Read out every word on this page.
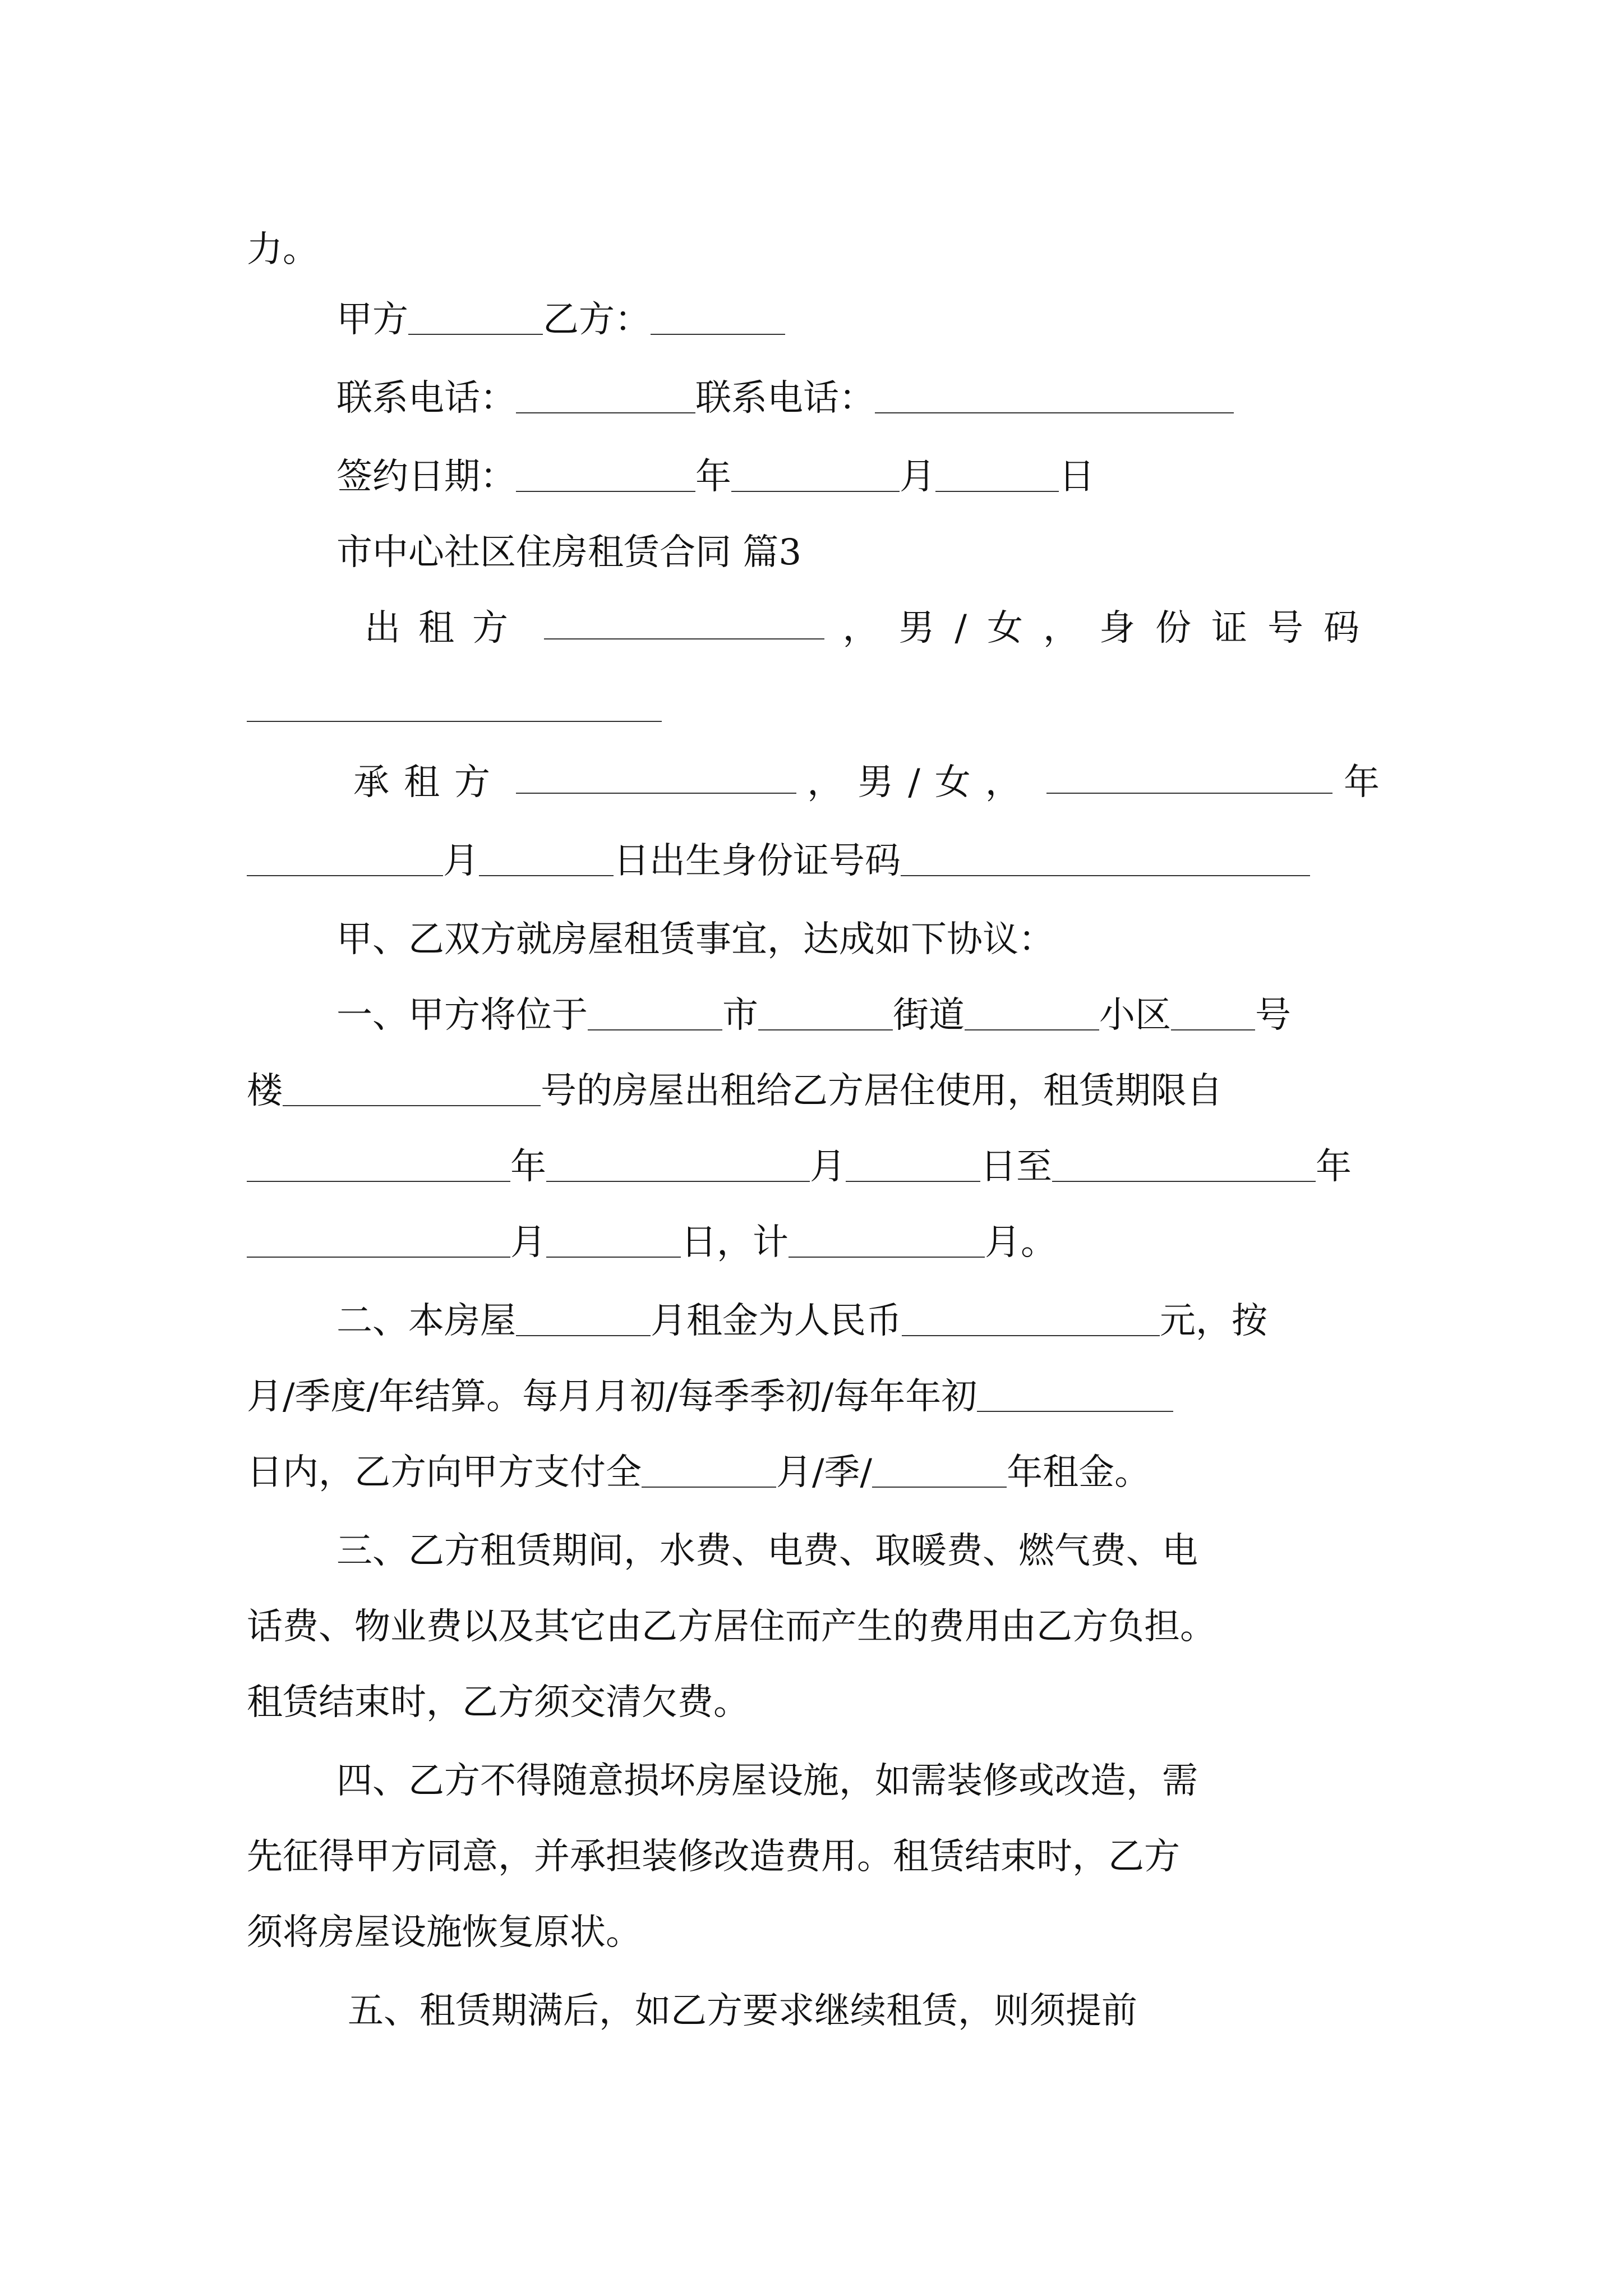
力。
甲方	乙方：
联系电话：	联系电话：
签约日期：	年	月	日
市中心社区住房租赁合同 篇3
出租方	，男/女，身份证号码
承租方	，男/女，	年
月	日出生身份证号码
甲、乙双方就房屋租赁事宜，达成如下协议：
一、甲方将位于	市	街道	小区 号
楼	号的房屋出租给乙方居住使用，租赁期限自
年	月	日至	年
月	日，计	月。
二、本房屋	月租金为人民币	元，按
月/季度/年结算。每月月初/每季季初/每年年初
日内，乙方向甲方支付全	月/季/	年租金。
三、乙方租赁期间，水费、电费、取暖费、燃气费、电
话费、物业费以及其它由乙方居住而产生的费用由乙方负担。
租赁结束时，乙方须交清欠费。
四、乙方不得随意损坏房屋设施，如需装修或改造，需
先征得甲方同意，并承担装修改造费用。租赁结束时，乙方
须将房屋设施恢复原状。
五、租赁期满后，如乙方要求继续租赁，则须提前
